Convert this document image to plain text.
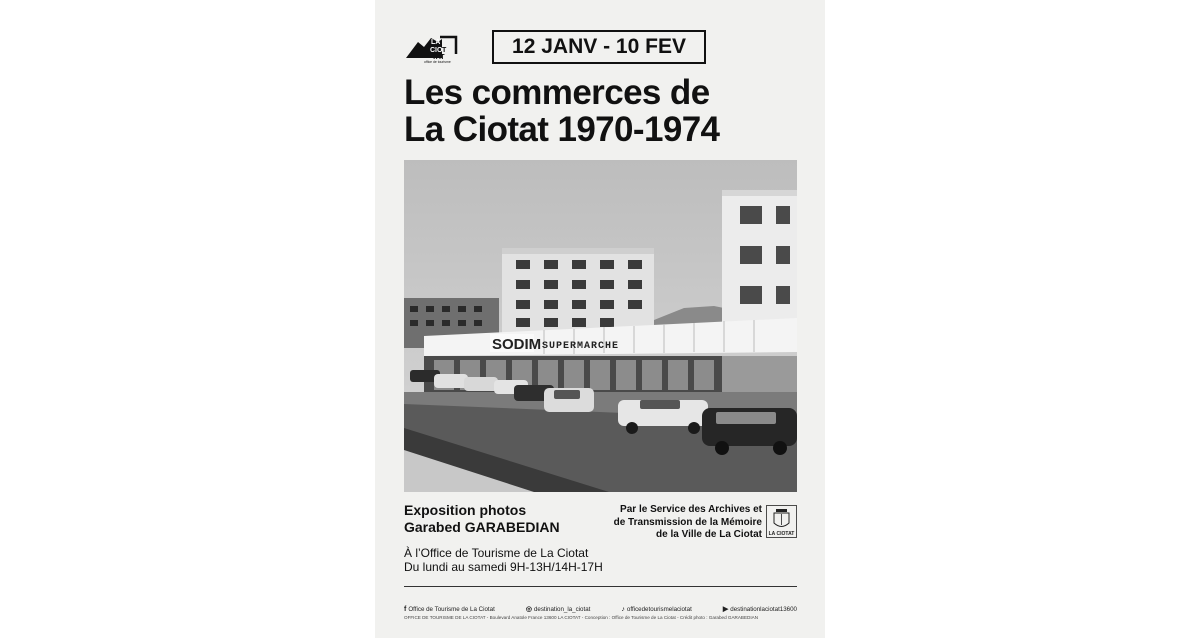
LA
CIO T
TAT
office de tourisme
12 JANV - 10 FEV
Les commerces de
La Ciotat 1970-1974
SODIM SUPERMARCHE
Exposition photos
Garabed GARABEDIAN
Par le Service des Archives et
de Transmission de la Mémoire
de la Ville de La Ciotat LA CIOTAT
À l’Office de Tourisme de La Ciotat
Du lundi au samedi 9H-13H/14H-17H
f Office de Tourisme de La Ciotat	◎ destination_la_ciotat	♪ officedetourismelaciotat	▶ destinationlaciotat13600
OFFICE DE TOURISME DE LA CIOTAT - Boulevard Anatole France 13600 LA CIOTAT - Conception : Office de Tourisme de La Ciotat - Crédit photo : Garabed GARABEDIAN
